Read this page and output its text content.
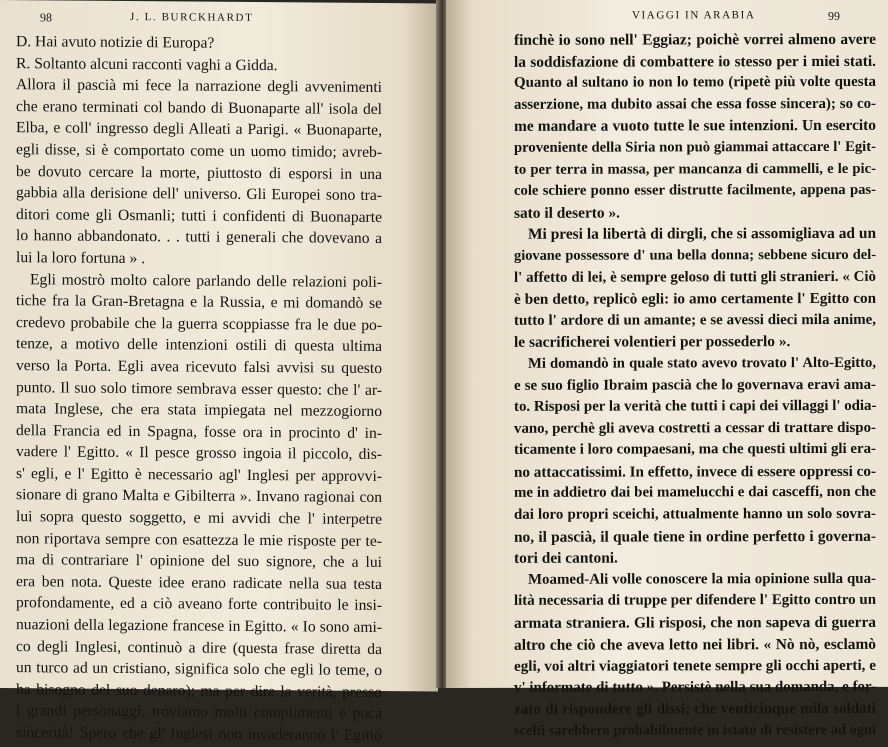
98	J. L. BURCKHARDT
D. Hai avuto notizie di Europa?
R. Soltanto alcuni racconti vaghi a Gidda.
Allora il pascià mi fece la narrazione degli avvenimenti
che erano terminati col bando di Buonaparte all' isola del
Elba, e coll' ingresso degli Alleati a Parigi. « Buonaparte,
egli disse, si è comportato come un uomo timido; avreb-
be dovuto cercare la morte, piuttosto di esporsi in una
gabbia alla derisione dell' universo. Gli Europei sono tra-
ditori come gli Osmanli; tutti i confidenti di Buonaparte
lo hanno abbandonato. . . tutti i generali che dovevano a
lui la loro fortuna » .
Egli mostrò molto calore parlando delle relazioni poli-
tiche fra la Gran-Bretagna e la Russia, e mi domandò se
credevo probabile che la guerra scoppiasse fra le due po-
tenze, a motivo delle intenzioni ostili di questa ultima
verso la Porta. Egli avea ricevuto falsi avvisi su questo
punto. Il suo solo timore sembrava esser questo: che l' ar-
mata Inglese, che era stata impiegata nel mezzogiorno
della Francia ed in Spagna, fosse ora in procinto d' in-
vadere l' Egitto. « Il pesce grosso ingoia il piccolo, dis-
s' egli, e l' Egitto è necessario agl' Inglesi per approvvi-
sionare di grano Malta e Gibilterra ». Invano ragionai con
lui sopra questo soggetto, e mi avvidi che l' interpetre
non riportava sempre con esattezza le mie risposte per te-
ma di contrariare l' opinione del suo signore, che a lui
era ben nota. Queste idee erano radicate nella sua testa
profondamente, ed a ciò aveano forte contribuito le insi-
nuazioni della legazione francese in Egitto. « Io sono ami-
co degli Inglesi, continuò a dire (questa frase diretta da
un turco ad un cristiano, significa solo che egli lo teme, o
ha bisogno del suo denaro); ma per dire la verità, presso
i grandi personaggi, troviamo molti complimenti e poca
sincerità! Spero che gl' Inglesi non invaderanno l' Egitto
VIAGGI IN ARABIA	99
finchè io sono nell' Eggiaz; poichè vorrei almeno avere
la soddisfazione di combattere io stesso per i miei stati.
Quanto al sultano io non lo temo (ripetè più volte questa
asserzione, ma dubito assai che essa fosse sincera); so co-
me mandare a vuoto tutte le sue intenzioni. Un esercito
proveniente della Siria non può giammai attaccare l' Egit-
to per terra in massa, per mancanza di cammelli, e le pic-
cole schiere ponno esser distrutte facilmente, appena pas-
sato il deserto ».
Mi presi la libertà di dirgli, che si assomigliava ad un
giovane possessore d' una bella donna; sebbene sicuro del-
l' affetto di lei, è sempre geloso di tutti gli stranieri. « Ciò
è ben detto, replicò egli: io amo certamente l' Egitto con
tutto l' ardore di un amante; e se avessi dieci mila anime,
le sacrificherei volentieri per possederlo ».
Mi domandò in quale stato avevo trovato l' Alto-Egitto,
e se suo figlio Ibraim pascià che lo governava eravi ama-
to. Risposi per la verità che tutti i capi dei villaggi l' odia-
vano, perchè gli aveva costretti a cessar di trattare dispo-
ticamente i loro compaesani, ma che questi ultimi gli era-
no attaccatissimi. In effetto, invece di essere oppressi co-
me in addietro dai bei mamelucchi e dai casceffi, non che
dai loro propri sceichi, attualmente hanno un solo sovra-
no, il pascià, il quale tiene in ordine perfetto i governa-
tori dei cantoni.
Moamed-Ali volle conoscere la mia opinione sulla qua-
lità necessaria di truppe per difendere l' Egitto contro un
armata straniera. Gli risposi, che non sapeva di guerra
altro che ciò che aveva letto nei libri. « Nò nò, esclamò
egli, voi altri viaggiatori tenete sempre gli occhi aperti, e
v' informate di tutto ». Persistè nella sua domanda, e for-
zato di rispondere gli dissi; che venticinque mila soldati
scelti sarebbero probabilmente in istato di resistere ad ogni
